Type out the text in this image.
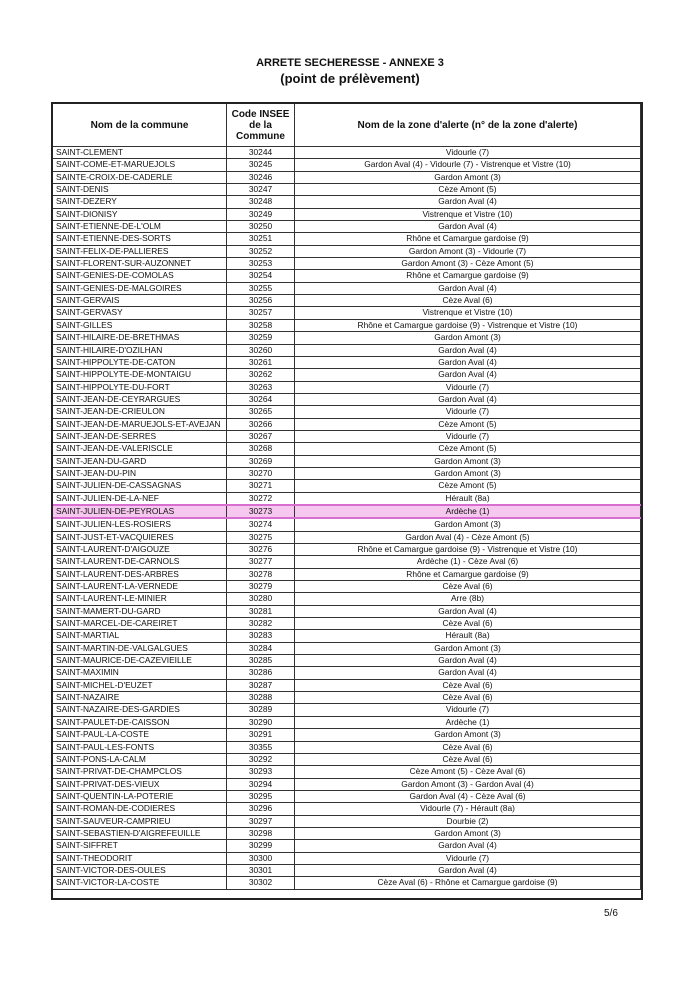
ARRETE SECHERESSE - ANNEXE 3
(point de prélèvement)
Nom de la commune	Code INSEE de la Commune	Nom de la zone d'alerte (n° de la zone d'alerte)
SAINT-CLEMENT	30244	Vidourle (7)
SAINT-COME-ET-MARUEJOLS	30245	Gardon Aval (4) - Vidourle (7) - Vistrenque et Vistre (10)
SAINTE-CROIX-DE-CADERLE	30246	Gardon Amont (3)
SAINT-DENIS	30247	Cèze Amont (5)
SAINT-DEZERY	30248	Gardon Aval (4)
SAINT-DIONISY	30249	Vistrenque et Vistre (10)
SAINT-ETIENNE-DE-L'OLM	30250	Gardon Aval (4)
SAINT-ETIENNE-DES-SORTS	30251	Rhône et Camargue gardoise (9)
SAINT-FELIX-DE-PALLIERES	30252	Gardon Amont (3) - Vidourle (7)
SAINT-FLORENT-SUR-AUZONNET	30253	Gardon Amont (3) - Cèze Amont (5)
SAINT-GENIES-DE-COMOLAS	30254	Rhône et Camargue gardoise (9)
SAINT-GENIES-DE-MALGOIRES	30255	Gardon Aval (4)
SAINT-GERVAIS	30256	Cèze Aval (6)
SAINT-GERVASY	30257	Vistrenque et Vistre (10)
SAINT-GILLES	30258	Rhône et Camargue gardoise (9) - Vistrenque et Vistre (10)
SAINT-HILAIRE-DE-BRETHMAS	30259	Gardon Amont (3)
SAINT-HILAIRE-D'OZILHAN	30260	Gardon Aval (4)
SAINT-HIPPOLYTE-DE-CATON	30261	Gardon Aval (4)
SAINT-HIPPOLYTE-DE-MONTAIGU	30262	Gardon Aval (4)
SAINT-HIPPOLYTE-DU-FORT	30263	Vidourle (7)
SAINT-JEAN-DE-CEYRARGUES	30264	Gardon Aval (4)
SAINT-JEAN-DE-CRIEULON	30265	Vidourle (7)
SAINT-JEAN-DE-MARUEJOLS-ET-AVEJAN	30266	Cèze Amont (5)
SAINT-JEAN-DE-SERRES	30267	Vidourle (7)
SAINT-JEAN-DE-VALERISCLE	30268	Cèze Amont (5)
SAINT-JEAN-DU-GARD	30269	Gardon Amont (3)
SAINT-JEAN-DU-PIN	30270	Gardon Amont (3)
SAINT-JULIEN-DE-CASSAGNAS	30271	Cèze Amont (5)
SAINT-JULIEN-DE-LA-NEF	30272	Hérault (8a)
SAINT-JULIEN-DE-PEYROLAS	30273	Ardèche (1)
SAINT-JULIEN-LES-ROSIERS	30274	Gardon Amont (3)
SAINT-JUST-ET-VACQUIERES	30275	Gardon Aval (4) - Cèze Amont (5)
SAINT-LAURENT-D'AIGOUZE	30276	Rhône et Camargue gardoise (9) - Vistrenque et Vistre (10)
SAINT-LAURENT-DE-CARNOLS	30277	Ardèche (1) - Cèze Aval (6)
SAINT-LAURENT-DES-ARBRES	30278	Rhône et Camargue gardoise (9)
SAINT-LAURENT-LA-VERNEDE	30279	Cèze Aval (6)
SAINT-LAURENT-LE-MINIER	30280	Arre (8b)
SAINT-MAMERT-DU-GARD	30281	Gardon Aval (4)
SAINT-MARCEL-DE-CAREIRET	30282	Cèze Aval (6)
SAINT-MARTIAL	30283	Hérault (8a)
SAINT-MARTIN-DE-VALGALGUES	30284	Gardon Amont (3)
SAINT-MAURICE-DE-CAZEVIEILLE	30285	Gardon Aval (4)
SAINT-MAXIMIN	30286	Gardon Aval (4)
SAINT-MICHEL-D'EUZET	30287	Cèze Aval (6)
SAINT-NAZAIRE	30288	Cèze Aval (6)
SAINT-NAZAIRE-DES-GARDIES	30289	Vidourle (7)
SAINT-PAULET-DE-CAISSON	30290	Ardèche (1)
SAINT-PAUL-LA-COSTE	30291	Gardon Amont (3)
SAINT-PAUL-LES-FONTS	30355	Cèze Aval (6)
SAINT-PONS-LA-CALM	30292	Cèze Aval (6)
SAINT-PRIVAT-DE-CHAMPCLOS	30293	Cèze Amont (5) - Cèze Aval (6)
SAINT-PRIVAT-DES-VIEUX	30294	Gardon Amont (3) - Gardon Aval (4)
SAINT-QUENTIN-LA-POTERIE	30295	Gardon Aval (4) - Cèze Aval (6)
SAINT-ROMAN-DE-CODIERES	30296	Vidourle (7) - Hérault (8a)
SAINT-SAUVEUR-CAMPRIEU	30297	Dourbie (2)
SAINT-SEBASTIEN-D'AIGREFEUILLE	30298	Gardon Amont (3)
SAINT-SIFFRET	30299	Gardon Aval (4)
SAINT-THEODORIT	30300	Vidourle (7)
SAINT-VICTOR-DES-OULES	30301	Gardon Aval (4)
SAINT-VICTOR-LA-COSTE	30302	Cèze Aval (6) - Rhône et Camargue gardoise (9)
5/6
